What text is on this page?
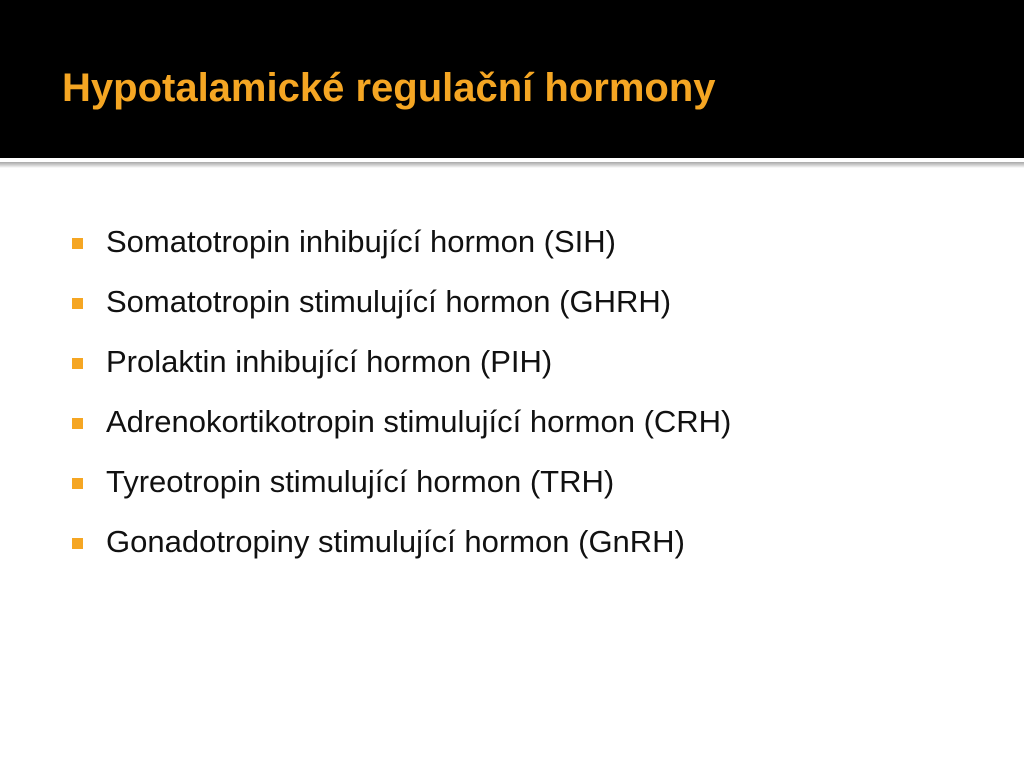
Hypotalamické regulační hormony
Somatotropin inhibující hormon (SIH)
Somatotropin stimulující hormon (GHRH)
Prolaktin inhibující hormon (PIH)
Adrenokortikotropin stimulující hormon (CRH)
Tyreotropin stimulující hormon (TRH)
Gonadotropiny stimulující hormon (GnRH)
